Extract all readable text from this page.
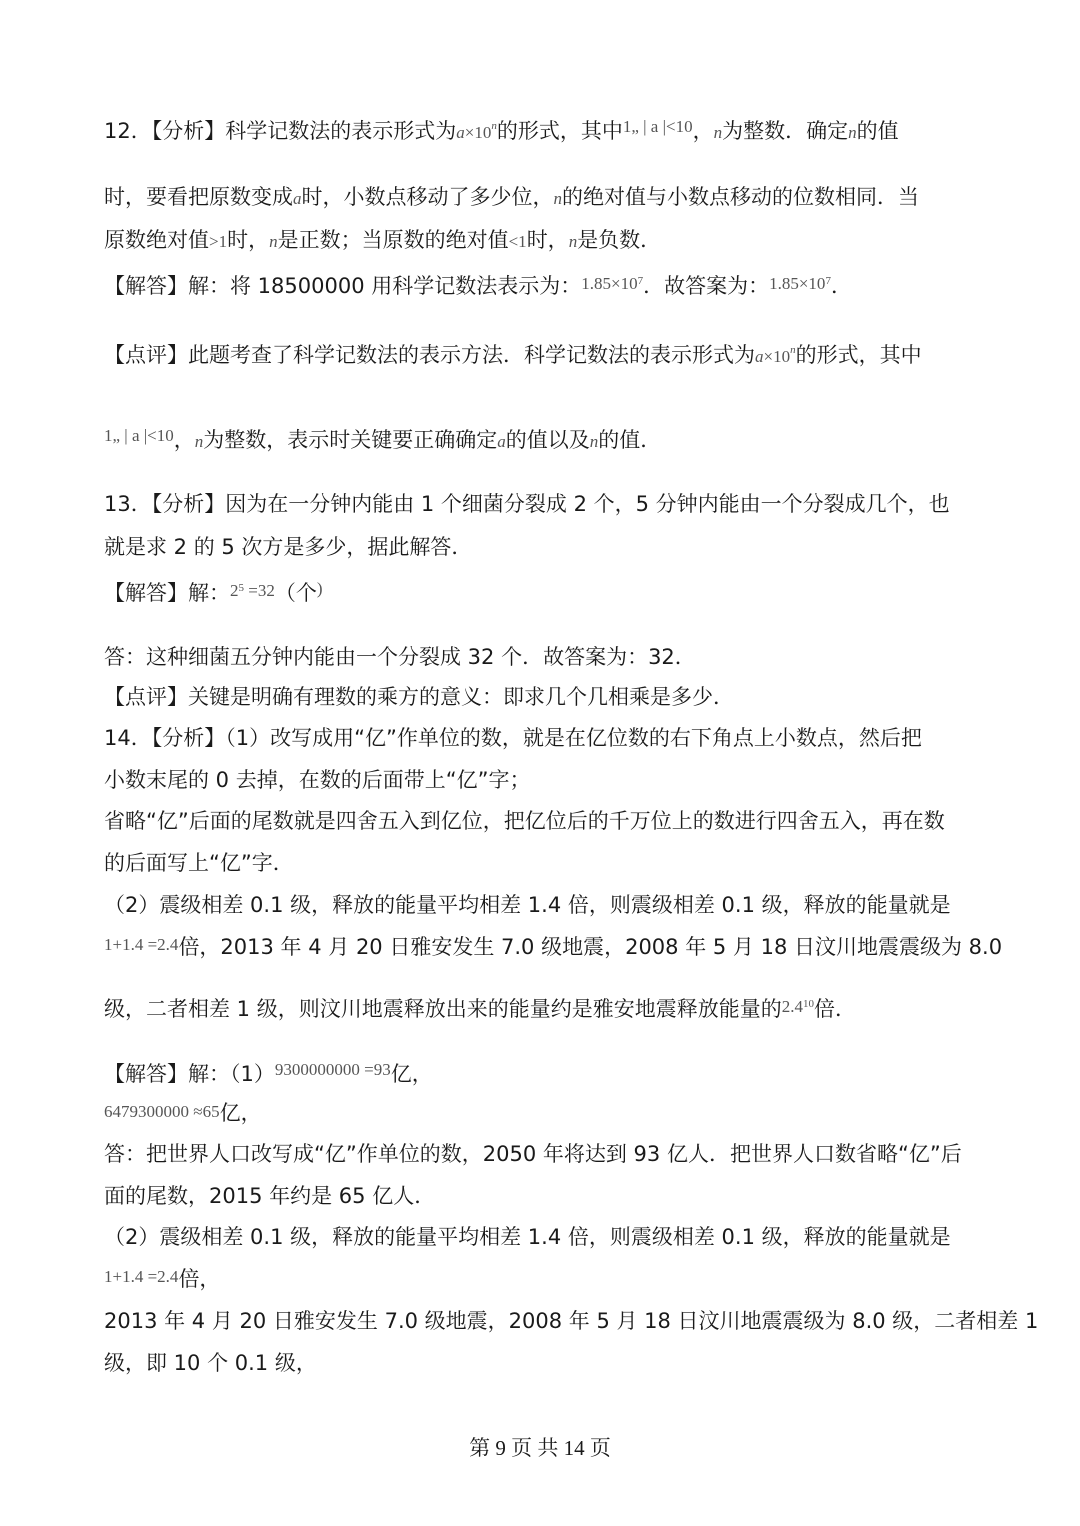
12．【分析】科学记数法的表示形式为$a\times 10^n$的形式，其中$^{1„ | a |<10}$，n为整数．确定n的值
时，要看把原数变成a时，小数点移动了多少位，n的绝对值与小数点移动的位数相同．当
原数绝对值>1时，n是正数；当原数的绝对值<1时，n是负数．
【解答】解：将 18500000 用科学记数法表示为：$1.85\times 10^7$．故答案为：$1.85\times 10^7$．
【点评】此题考查了科学记数法的表示方法．科学记数法的表示形式为$a\times 10^n$的形式，其中
$^{1„ | a |<10}$，n为整数，表示时关键要正确确定a的值以及n的值．
13．【分析】因为在一分钟内能由 1 个细菌分裂成 2 个，5 分钟内能由一个分裂成几个，也
就是求 2 的 5 次方是多少，据此解答．
【解答】解：$2^5 =32$（个)
答：这种细菌五分钟内能由一个分裂成 32 个．故答案为：32．
【点评】关键是明确有理数的乘方的意义：即求几个几相乘是多少．
14．【分析】（1）改写成用“亿”作单位的数，就是在亿位数的右下角点上小数点，然后把
小数末尾的 0 去掉，在数的后面带上“亿”字；
省略“亿”后面的尾数就是四舍五入到亿位，把亿位后的千万位上的数进行四舍五入，再在数
的后面写上“亿”字．
（2）震级相差 0.1 级，释放的能量平均相差 1.4 倍，则震级相差 0.1 级，释放的能量就是
1+1.4 =2.4倍，2013 年 4 月 20 日雅安发生 7.0 级地震，2008 年 5 月 18 日汶川地震震级为 8.0
级，二者相差 1 级，则汶川地震释放出来的能量约是雅安地震释放能量的$2.4^{10}$倍．
【解答】解：$(1)^{9300000000 =93}$亿，
6479300000 ≈65亿，
答：把世界人口改写成“亿”作单位的数，2050 年将达到 93 亿人．把世界人口数省略“亿”后
面的尾数，2015 年约是 65 亿人．
（2）震级相差 0.1 级，释放的能量平均相差 1.4 倍，则震级相差 0.1 级，释放的能量就是
1+1.4 =2.4倍，
2013 年 4 月 20 日雅安发生 7.0 级地震，2008 年 5 月 18 日汶川地震震级为 8.0 级，二者相差 1
级，即 10 个 0.1 级，
第 9 页 共 14 页
